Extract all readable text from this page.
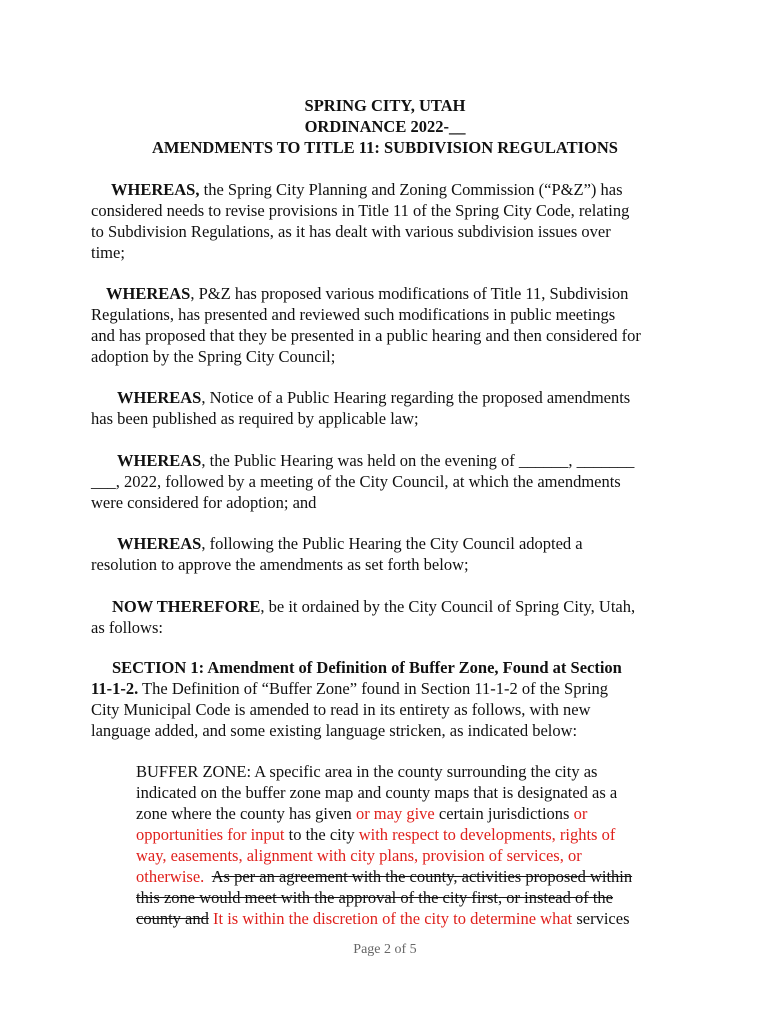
SPRING CITY, UTAH
ORDINANCE 2022-__
AMENDMENTS TO TITLE 11: SUBDIVISION REGULATIONS
WHEREAS, the Spring City Planning and Zoning Commission (“P&Z”) has
considered needs to revise provisions in Title 11 of the Spring City Code, relating
to Subdivision Regulations, as it has dealt with various subdivision issues over
time;
WHEREAS, P&Z has proposed various modifications of Title 11, Subdivision
Regulations, has presented and reviewed such modifications in public meetings
and has proposed that they be presented in a public hearing and then considered for
adoption by the Spring City Council;
WHEREAS, Notice of a Public Hearing regarding the proposed amendments
has been published as required by applicable law;
WHEREAS, the Public Hearing was held on the evening of ______, _______
___, 2022, followed by a meeting of the City Council, at which the amendments
were considered for adoption; and
WHEREAS, following the Public Hearing the City Council adopted a
resolution to approve the amendments as set forth below;
NOW THEREFORE, be it ordained by the City Council of Spring City, Utah,
as follows:
SECTION 1: Amendment of Definition of Buffer Zone, Found at Section
11-1-2. The Definition of “Buffer Zone” found in Section 11-1-2 of the Spring
City Municipal Code is amended to read in its entirety as follows, with new
language added, and some existing language stricken, as indicated below:
BUFFER ZONE: A specific area in the county surrounding the city as
indicated on the buffer zone map and county maps that is designated as a
zone where the county has given or may give certain jurisdictions or
opportunities for input to the city with respect to developments, rights of
way, easements, alignment with city plans, provision of services, or
otherwise. As per an agreement with the county, activities proposed within
this zone would meet with the approval of the city first, or instead of the
county and It is within the discretion of the city to determine what services
Page 2 of 5
